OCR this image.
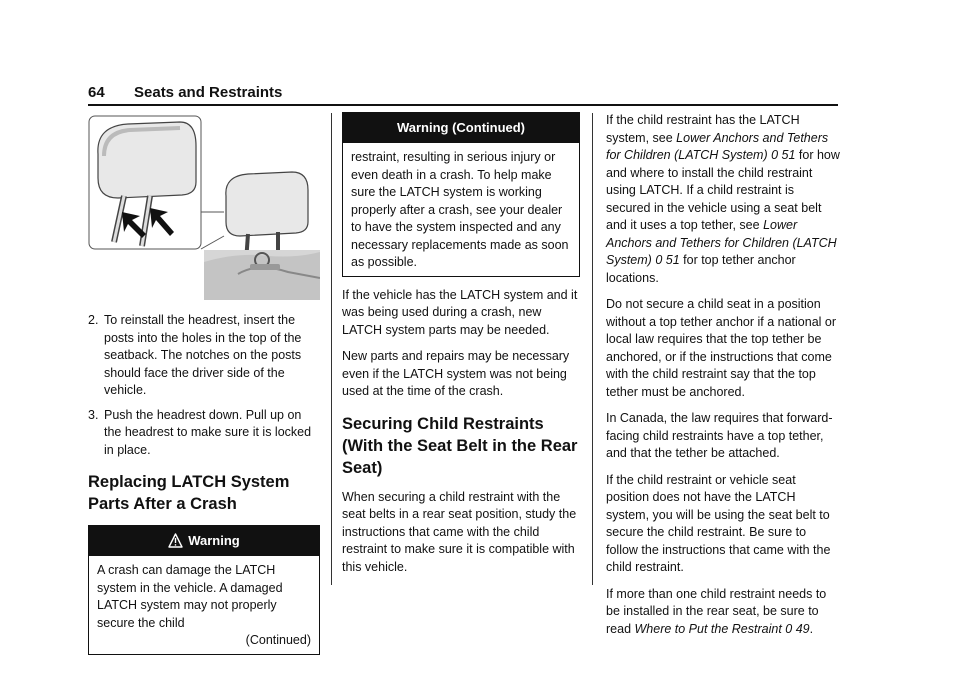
64 Seats and Restraints
2. To reinstall the headrest, insert the posts into the holes in the top of the seatback. The notches on the posts should face the driver side of the vehicle.
3. Push the headrest down. Pull up on the headrest to make sure it is locked in place.
Replacing LATCH System Parts After a Crash
Warning
A crash can damage the LATCH system in the vehicle. A damaged LATCH system may not properly secure the child
(Continued)
Warning (Continued)
restraint, resulting in serious injury or even death in a crash. To help make sure the LATCH system is working properly after a crash, see your dealer to have the system inspected and any necessary replacements made as soon as possible.

If the vehicle has the LATCH system and it was being used during a crash, new LATCH system parts may be needed.

New parts and repairs may be necessary even if the LATCH system was not being used at the time of the crash.

Securing Child Restraints (With the Seat Belt in the Rear Seat)

When securing a child restraint with the seat belts in a rear seat position, study the instructions that came with the child restraint to make sure it is compatible with this vehicle.

If the child restraint has the LATCH system, see Lower Anchors and Tethers for Children (LATCH System) 0 51 for how and where to install the child restraint using LATCH. If a child restraint is secured in the vehicle using a seat belt and it uses a top tether, see Lower Anchors and Tethers for Children (LATCH System) 0 51 for top tether anchor locations.

Do not secure a child seat in a position without a top tether anchor if a national or local law requires that the top tether be anchored, or if the instructions that come with the child restraint say that the top tether must be anchored.

In Canada, the law requires that forward-facing child restraints have a top tether, and that the tether be attached.

If the child restraint or vehicle seat position does not have the LATCH system, you will be using the seat belt to secure the child restraint. Be sure to follow the instructions that came with the child restraint.

If more than one child restraint needs to be installed in the rear seat, be sure to read Where to Put the Restraint 0 49.
